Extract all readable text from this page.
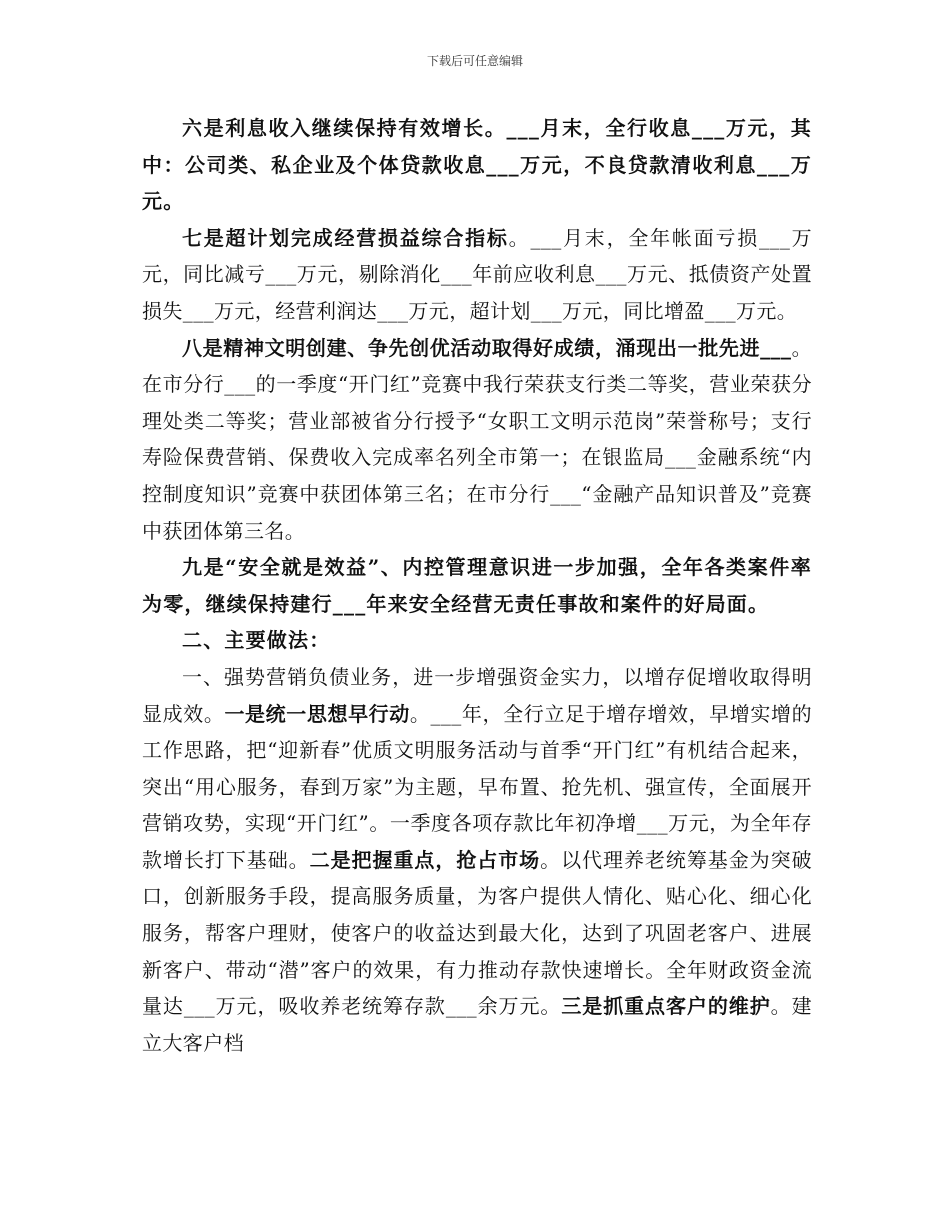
下载后可任意编辑

六是利息收入继续保持有效增长。___月末，全行收息___万元，其中：公司类、私企业及个体贷款收息___万元，不良贷款清收利息___万元。

七是超计划完成经营损益综合指标。___月末，全年帐面亏损___万元，同比减亏___万元，剔除消化___年前应收利息___万元、抵债资产处置损失___万元，经营利润达___万元，超计划___万元，同比增盈___万元。

八是精神文明创建、争先创优活动取得好成绩，涌现出一批先进___。在市分行___的一季度“开门红”竞赛中我行荣获支行类二等奖，营业荣获分理处类二等奖；营业部被省分行授予“女职工文明示范岗”荣誉称号；支行寿险保费营销、保费收入完成率名列全市第一；在银监局___金融系统“内控制度知识”竞赛中获团体第三名；在市分行___“金融产品知识普及”竞赛中获团体第三名。

九是“安全就是效益”、内控管理意识进一步加强，全年各类案件率为零，继续保持建行___年来安全经营无责任事故和案件的好局面。

二、主要做法：

一、强势营销负债业务，进一步增强资金实力，以增存促增收取得明显成效。一是统一思想早行动。___年，全行立足于增存增效，早增实增的工作思路，把“迎新春”优质文明服务活动与首季“开门红”有机结合起来，突出“用心服务，春到万家”为主题，早布置、抢先机、强宣传，全面展开营销攻势，实现“开门红”。一季度各项存款比年初净增___万元，为全年存款增长打下基础。二是把握重点，抢占市场。以代理养老统筹基金为突破口，创新服务手段，提高服务质量，为客户提供人情化、贴心化、细心化服务，帮客户理财，使客户的收益达到最大化，达到了巩固老客户、进展新客户、带动“潜”客户的效果，有力推动存款快速增长。全年财政资金流量达___万元，吸收养老统筹存款___余万元。三是抓重点客户的维护。建立大客户档
